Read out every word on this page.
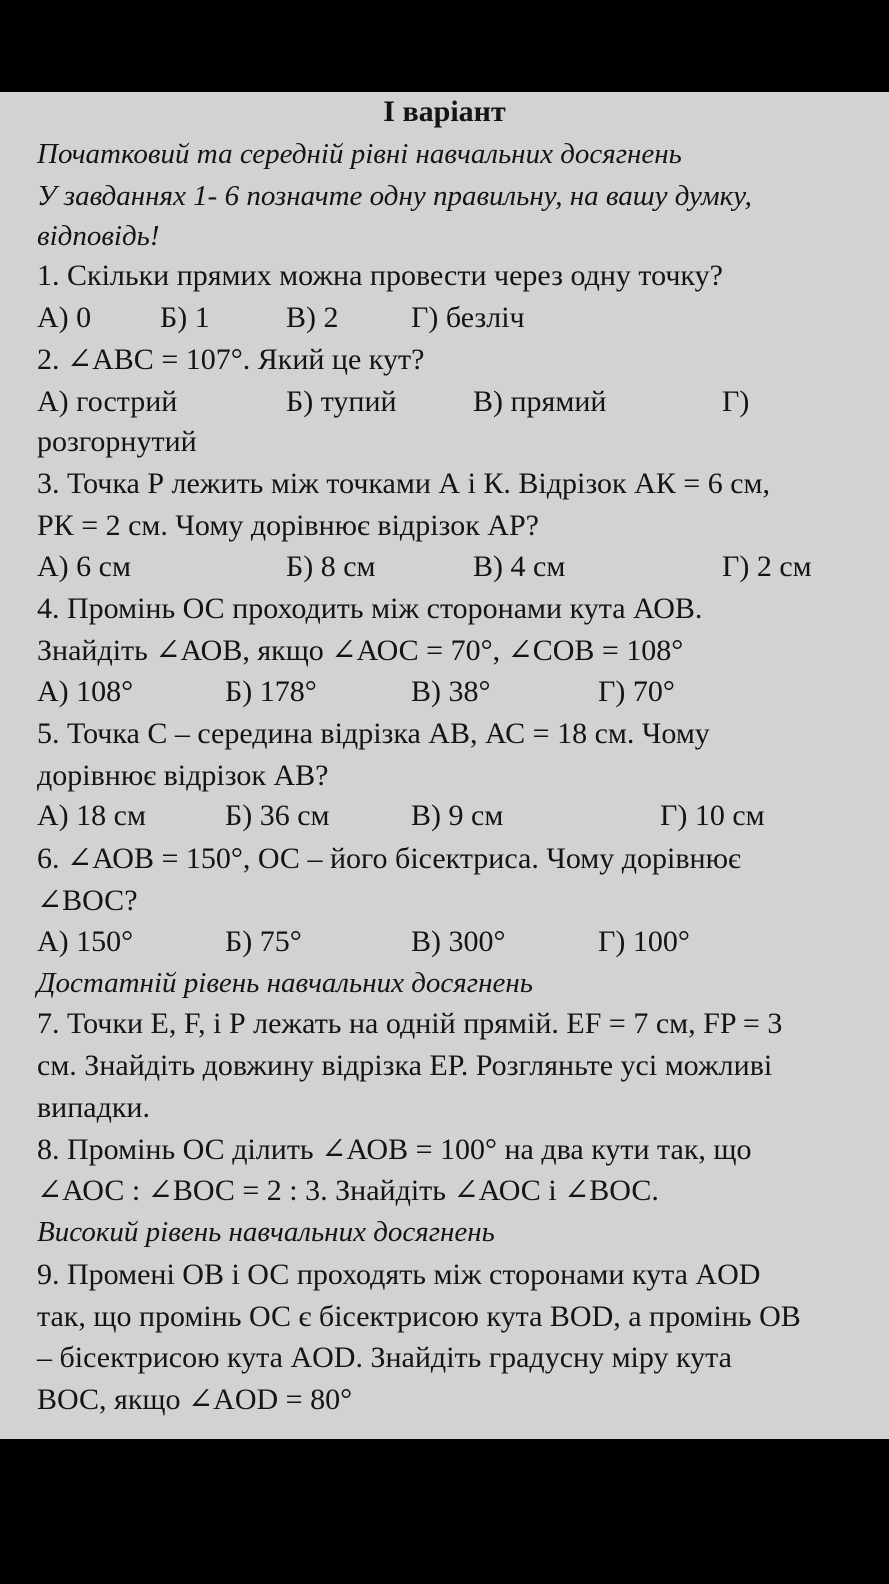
I варіант
Початковий та середній рівні навчальних досягнень
У завданнях 1- 6 позначте одну правильну, на вашу думку,
відповідь!
1. Скільки прямих можна провести через одну точку?
А) 0 Б) 1	В) 2 Г) безліч
2. ∠ABC = 107°. Який це кут?
А) гострий	Б) тупий	В) прямий	Г)
розгорнутий
3. Точка Р лежить між точками А і К. Відрізок АК = 6 см,
РК = 2 см. Чому дорівнює відрізок АР?
А) 6 см	Б) 8 см	В) 4 см	Г) 2 см
4. Промінь ОС проходить між сторонами кута АОВ.
Знайдіть ∠АОВ, якщо ∠АОС = 70°, ∠СОВ = 108°
А) 108°	Б) 178°	В) 38°	Г) 70°
5. Точка С – середина відрізка АВ, АС = 18 см. Чому
дорівнює відрізок АВ?
А) 18 см	Б) 36 см	В) 9 см	Г) 10 см
6. ∠АОВ = 150°, ОС – його бісектриса. Чому дорівнює
∠ВОС?
А) 150°	Б) 75°	В) 300°	Г) 100°
Достатній рівень навчальних досягнень
7. Точки Е, F, і Р лежать на одній прямій. EF = 7 см, FP = 3
см. Знайдіть довжину відрізка ЕР. Розгляньте усі можливі
випадки.
8. Промінь ОС ділить ∠АОВ = 100° на два кути так, що
∠АОС : ∠ВОС = 2 : 3. Знайдіть ∠АОС і ∠ВОС.
Високий рівень навчальних досягнень
9. Промені ОВ і ОС проходять між сторонами кута AOD
так, що промінь ОС є бісектрисою кута BOD, а промінь ОВ
– бісектрисою кута AOD. Знайдіть градусну міру кута
ВОС, якщо ∠АOD = 80°
